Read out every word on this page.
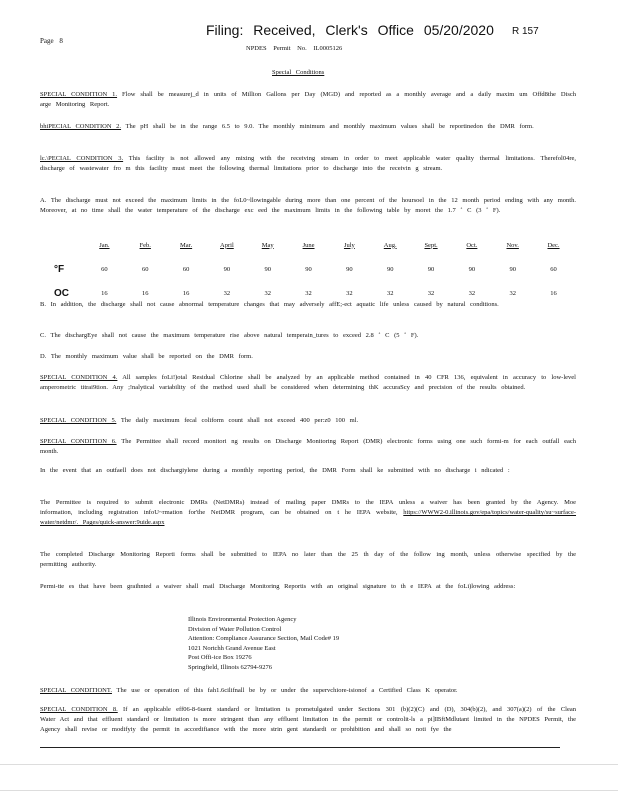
Filing: Received, Clerk's Office 05/20/2020 R 157
Page 8
NPDES Permit No. IL0005126
Special Conditions
SPECIAL CONDITION 1. Flow shall be measurej_d in units of Million Gallons per Day (MGD) and reported as a monthly average and a daily maxim um Offd8the Disch arge Monitoring Report.
bhiPECIAL CONDITION 2. The pH shall be in the range 6.5 to 9.0. The monthly minimum and monthly maximum values shall be reportinedon the DMR form.
lc.\PECIAL CONDITION 3. This facility is not allowed any mixing with the receiving stream in order to meet applicable water quality thermal limitations. Therefol04re, discharge of wastewater fro m this facility must meet the following thermal limitations prior to discharge into the receivin g stream.
A. The discharge must not exceed the maximum limits in the foL0~llowingable during more than one percent of the hoursoel in the 12 month period ending with any month. Moreover, at no time shall the water temperature of the discharge exc eed the maximum limits in the following table by moret the 1.7 ˚ C (3 ˚ F).
Jan.	Feb.	Mar.	April	May	June	July	Aug.	Sept.	Oct.	Nov.	Dec.
°F	60	60	60	90	90	90	90	90	90	90	90	60
OC	16	16	16	32	32	32	32	32	32	32	32	16
B. In addition, the discharge shall not cause abnormal temperature changes that may adversely affE;-ect aquatic life unless caused by natural conditions.
C. The dischargEye shall not cause the maximum temperature rise above natural temperain_tures to exceed 2.8 ˚ C (5 ˚ F).
D. The monthly maximum value shall be reported on the DMR form.
SPECIAL CONDITION 4. All samples foLi!)otal Residual Chlorine shall be analyzed by an applicable method contained in 40 CFR 136, equivalent in accuracy to low-level amperometric titrai9tion. Any ;!nalytical variability of the method used shall be considered when determining thK accuraScy and precision of the results obtained.
SPECIAL CONDITION 5. The daily maximum fecal coliform count shall not exceed 400 per:z0 100 ml.
SPECIAL CONDITION 6. The Permittee shall record monitori ng results on Discharge Monitoring Report (DMR) electronic forms using one such formi-m for each outfall each month.
In the event that an outfaell does not dischargiylene during a monthly reporting period, the DMR Form shall ke submitted with no discharge i ndicated :
The Permittee is required to submit electronic DMRs (NetDMRs) instead of mailing paper DMRs to the IEPA unless a waiver has been granted by the Agency. Moe information, including registration infoU~rmation for'the NetDMR program, can be obtained on t he IEPA website, https://WWW2-0.illinois.gov/epa/topics/water-quality/su~surface-water/netdmr/. Pages/quick-answer:9uide.aspx
The completed Discharge Monitoring Reporti forms shall be submitted to IEPA no later than the 25 th day of the follow ing month, unless otherwise specified by the permitting authority.
Permi-tte es that have been graihnted a waiver shall mail Discharge Monitoring Reportis with an original signature to th e IEPA at the foLi)lowing address:
Illinois Environmental Protection Agency
Division of Water Pollution Control
Attention: Compliance Assurance Section, Mail Code# 19
1021 Nortchh Grand Avenue East
Post Offi-ice Box 19276
Springfield, Illinois 62794-9276
SPECIAL CONDITIONT. The use or operation of this fah1.6cilifnall be by or under the supervchiore-isionof a Certified Class K operator.
SPECIAL CONDITION 8. If an applicable eff06-8-6uent standard or limitation is prometulgated under Sections 301 (b)(2)(C) and (D), 304(b)(2), and 307(a)(2) of the Clean Water Act and that effluent standard or limitation is more stringent than any effluent limitation in the permit or controlit-ls a pi]IBftMdlutant limited in the NPDES Permit, the Agency shall revise or modifyiy the permit in accordifiance with the more strin gent standardi or prohibition and shall so noti fye the
